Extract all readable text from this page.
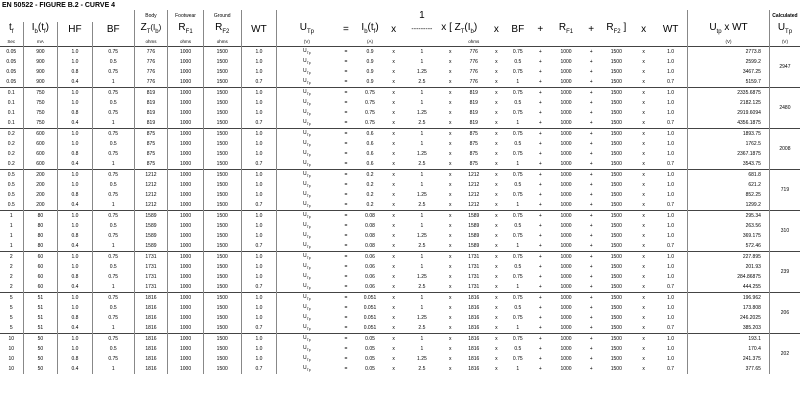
EN 50522 - FIGURE B.2 - CURVE 4
				Body	Footwear	Ground						1												Calculated
$t_f$	$I_b(t_f)$	HF	BF	$Z_T(I_b)$	$R_{F1}$	$R_{F2}$	WT	$U_{Tp}$	=	$I_b(t_f)$	x	---------	x [ $Z_T(I_b)$		x	BF	+	$R_{F1}$	+	$R_{F2}$ ]	x	WT	$U_{tp}$ x WT	$U_{Tp}$
Sec	mA			ohms	ohms	ohms		(V)		(A)				ohms									(V)	(V)
0.05	900	1.0	0.75	776	1000	1500	1.0	$U_{Tp}$	=	0.9	x	1	x	776	x	0.75	+	1000	+	1500	x	1.0	2773.8	2947
0.05	900	1.0	0.5	776	1000	1500	1.0	$U_{Tp}$	=	0.9	x	1	x	776	x	0.5	+	1000	+	1500	x	1.0	2599.2	
0.05	900	0.8	0.75	776	1000	1500	1.0	$U_{Tp}$	=	0.9	x	1.25	x	776	x	0.75	+	1000	+	1500	x	1.0	3467.25	
0.05	900	0.4	1	776	1000	1500	0.7	$U_{Tp}$	=	0.9	x	2.5	x	776	x	1	+	1000	+	1500	x	0.7	5159.7	
0.1	750	1.0	0.75	819	1000	1500	1.0	$U_{Tp}$	=	0.75	x	1	x	819	x	0.75	+	1000	+	1500	x	1.0	2335.6875	2480
0.1	750	1.0	0.5	819	1000	1500	1.0	$U_{Tp}$	=	0.75	x	1	x	819	x	0.5	+	1000	+	1500	x	1.0	2182.125	
0.1	750	0.8	0.75	819	1000	1500	1.0	$U_{Tp}$	=	0.75	x	1.25	x	819	x	0.75	+	1000	+	1500	x	1.0	2919.6094	
0.1	750	0.4	1	819	1000	1500	0.7	$U_{Tp}$	=	0.75	x	2.5	x	819	x	1	+	1000	+	1500	x	0.7	4356.1875	
0.2	600	1.0	0.75	875	1000	1500	1.0	$U_{Tp}$	=	0.6	x	1	x	875	x	0.75	+	1000	+	1500	x	1.0	1893.75	2008
0.2	600	1.0	0.5	875	1000	1500	1.0	$U_{Tp}$	=	0.6	x	1	x	875	x	0.5	+	1000	+	1500	x	1.0	1762.5	
0.2	600	0.8	0.75	875	1000	1500	1.0	$U_{Tp}$	=	0.6	x	1.25	x	875	x	0.75	+	1000	+	1500	x	1.0	2367.1875	
0.2	600	0.4	1	875	1000	1500	0.7	$U_{Tp}$	=	0.6	x	2.5	x	875	x	1	+	1000	+	1500	x	0.7	3543.75	
0.5	200	1.0	0.75	1212	1000	1500	1.0	$U_{Tp}$	=	0.2	x	1	x	1212	x	0.75	+	1000	+	1500	x	1.0	681.8	719
0.5	200	1.0	0.5	1212	1000	1500	1.0	$U_{Tp}$	=	0.2	x	1	x	1212	x	0.5	+	1000	+	1500	x	1.0	621.2	
0.5	200	0.8	0.75	1212	1000	1500	1.0	$U_{Tp}$	=	0.2	x	1.25	x	1212	x	0.75	+	1000	+	1500	x	1.0	852.25	
0.5	200	0.4	1	1212	1000	1500	0.7	$U_{Tp}$	=	0.2	x	2.5	x	1212	x	1	+	1000	+	1500	x	0.7	1299.2	
1	80	1.0	0.75	1589	1000	1500	1.0	$U_{Tp}$	=	0.08	x	1	x	1589	x	0.75	+	1000	+	1500	x	1.0	295.34	310
1	80	1.0	0.5	1589	1000	1500	1.0	$U_{Tp}$	=	0.08	x	1	x	1589	x	0.5	+	1000	+	1500	x	1.0	263.56	
1	80	0.8	0.75	1589	1000	1500	1.0	$U_{Tp}$	=	0.08	x	1.25	x	1589	x	0.75	+	1000	+	1500	x	1.0	369.175	
1	80	0.4	1	1589	1000	1500	0.7	$U_{Tp}$	=	0.08	x	2.5	x	1589	x	1	+	1000	+	1500	x	0.7	572.46	
2	60	1.0	0.75	1731	1000	1500	1.0	$U_{Tp}$	=	0.06	x	1	x	1731	x	0.75	+	1000	+	1500	x	1.0	227.895	239
2	60	1.0	0.5	1731	1000	1500	1.0	$U_{Tp}$	=	0.06	x	1	x	1731	x	0.5	+	1000	+	1500	x	1.0	201.93	
2	60	0.8	0.75	1731	1000	1500	1.0	$U_{Tp}$	=	0.06	x	1.25	x	1731	x	0.75	+	1000	+	1500	x	1.0	284.86875	
2	60	0.4	1	1731	1000	1500	0.7	$U_{Tp}$	=	0.06	x	2.5	x	1731	x	1	+	1000	+	1500	x	0.7	444.255	
5	51	1.0	0.75	1816	1000	1500	1.0	$U_{Tp}$	=	0.051	x	1	x	1816	x	0.75	+	1000	+	1500	x	1.0	196.962	206
5	51	1.0	0.5	1816	1000	1500	1.0	$U_{Tp}$	=	0.051	x	1	x	1816	x	0.5	+	1000	+	1500	x	1.0	173.808	
5	51	0.8	0.75	1816	1000	1500	1.0	$U_{Tp}$	=	0.051	x	1.25	x	1816	x	0.75	+	1000	+	1500	x	1.0	246.2025	
5	51	0.4	1	1816	1000	1500	0.7	$U_{Tp}$	=	0.051	x	2.5	x	1816	x	1	+	1000	+	1500	x	0.7	385.203	
10	50	1.0	0.75	1816	1000	1500	1.0	$U_{Tp}$	=	0.05	x	1	x	1816	x	0.75	+	1000	+	1500	x	1.0	193.1	202
10	50	1.0	0.5	1816	1000	1500	1.0	$U_{Tp}$	=	0.05	x	1	x	1816	x	0.5	+	1000	+	1500	x	1.0	170.4	
10	50	0.8	0.75	1816	1000	1500	1.0	$U_{Tp}$	=	0.05	x	1.25	x	1816	x	0.75	+	1000	+	1500	x	1.0	241.375	
10	50	0.4	1	1816	1000	1500	0.7	$U_{Tp}$	=	0.05	x	2.5	x	1816	x	1	+	1000	+	1500	x	0.7	377.65	
